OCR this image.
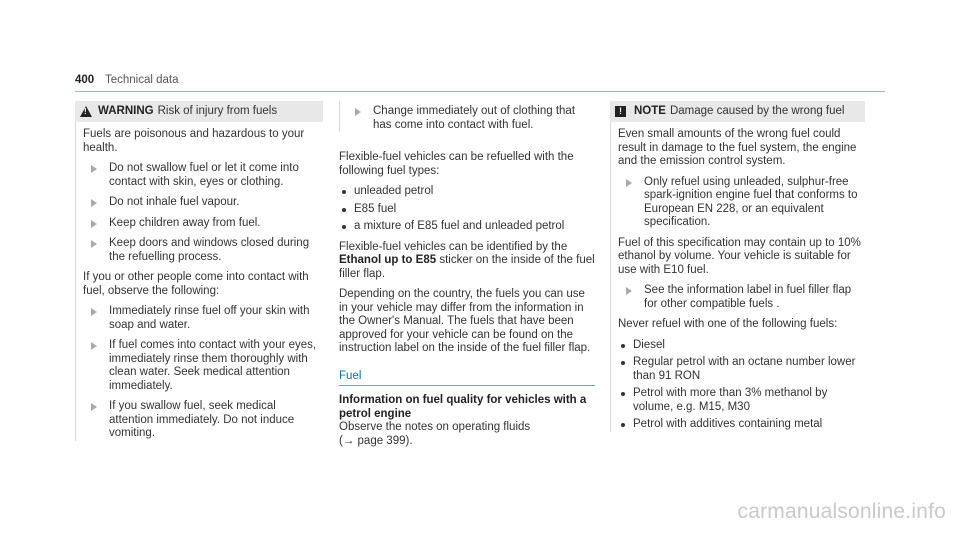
400 Technical data
!
WARNING Risk of injury from fuels

Fuels are poisonous and hazardous to your health.

Do not swallow fuel or let it come into contact with skin, eyes or clothing.
Do not inhale fuel vapour.
Keep children away from fuel.
Keep doors and windows closed during the refuelling process.

If you or other people come into contact with fuel, observe the following:

Immediately rinse fuel off your skin with soap and water.
If fuel comes into contact with your eyes, immediately rinse them thoroughly with clean water. Seek medical attention immediately.
If you swallow fuel, seek medical attention immediately. Do not induce vomiting.
Change immediately out of clothing that has come into contact with fuel.

Flexible-fuel vehicles can be refuelled with the following fuel types:

unleaded petrol
E85 fuel
a mixture of E85 fuel and unleaded petrol

Flexible-fuel vehicles can be identified by the Ethanol up to E85 sticker on the inside of the fuel filler flap.

Depending on the country, the fuels you can use in your vehicle may differ from the information in the Owner's Manual. The fuels that have been approved for your vehicle can be found on the instruction label on the inside of the fuel filler flap.

Fuel

Information on fuel quality for vehicles with a petrol engine

Observe the notes on operating fluids

(→ page 399).

!	NOTE Damage caused by the wrong fuel

Even small amounts of the wrong fuel could result in damage to the fuel system, the engine and the emission control system.

Only refuel using unleaded, sulphur-free spark-ignition engine fuel that conforms to European EN 228, or an equivalent specification.

Fuel of this specification may contain up to 10% ethanol by volume. Your vehicle is suitable for use with E10 fuel.

See the information label in fuel filler flap for other compatible fuels .

Never refuel with one of the following fuels:

Diesel
Regular petrol with an octane number lower than 91 RON
Petrol with more than 3% methanol by volume, e.g. M15, M30
Petrol with additives containing metal
carmanualsonline.info
